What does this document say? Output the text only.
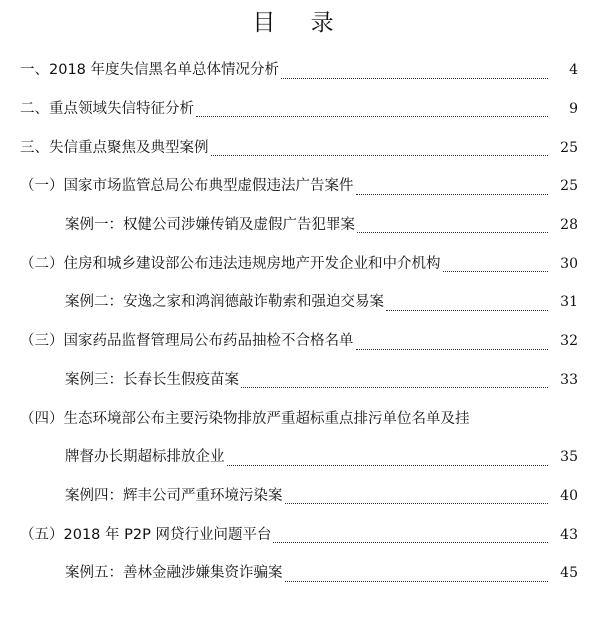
目 录
一、2018 年度失信黑名单总体情况分析	4
二、重点领域失信特征分析	9
三、失信重点聚焦及典型案例	25
（一）国家市场监管总局公布典型虚假违法广告案件	25
案例一：权健公司涉嫌传销及虚假广告犯罪案	28
（二）住房和城乡建设部公布违法违规房地产开发企业和中介机构	30
案例二：安逸之家和鸿润德敲诈勒索和强迫交易案	31
（三）国家药品监督管理局公布药品抽检不合格名单	32
案例三：长春长生假疫苗案	33
（四）生态环境部公布主要污染物排放严重超标重点排污单位名单及挂
牌督办长期超标排放企业	35
案例四：辉丰公司严重环境污染案	40
（五）2018 年 P2P 网贷行业问题平台	43
案例五：善林金融涉嫌集资诈骗案	45
